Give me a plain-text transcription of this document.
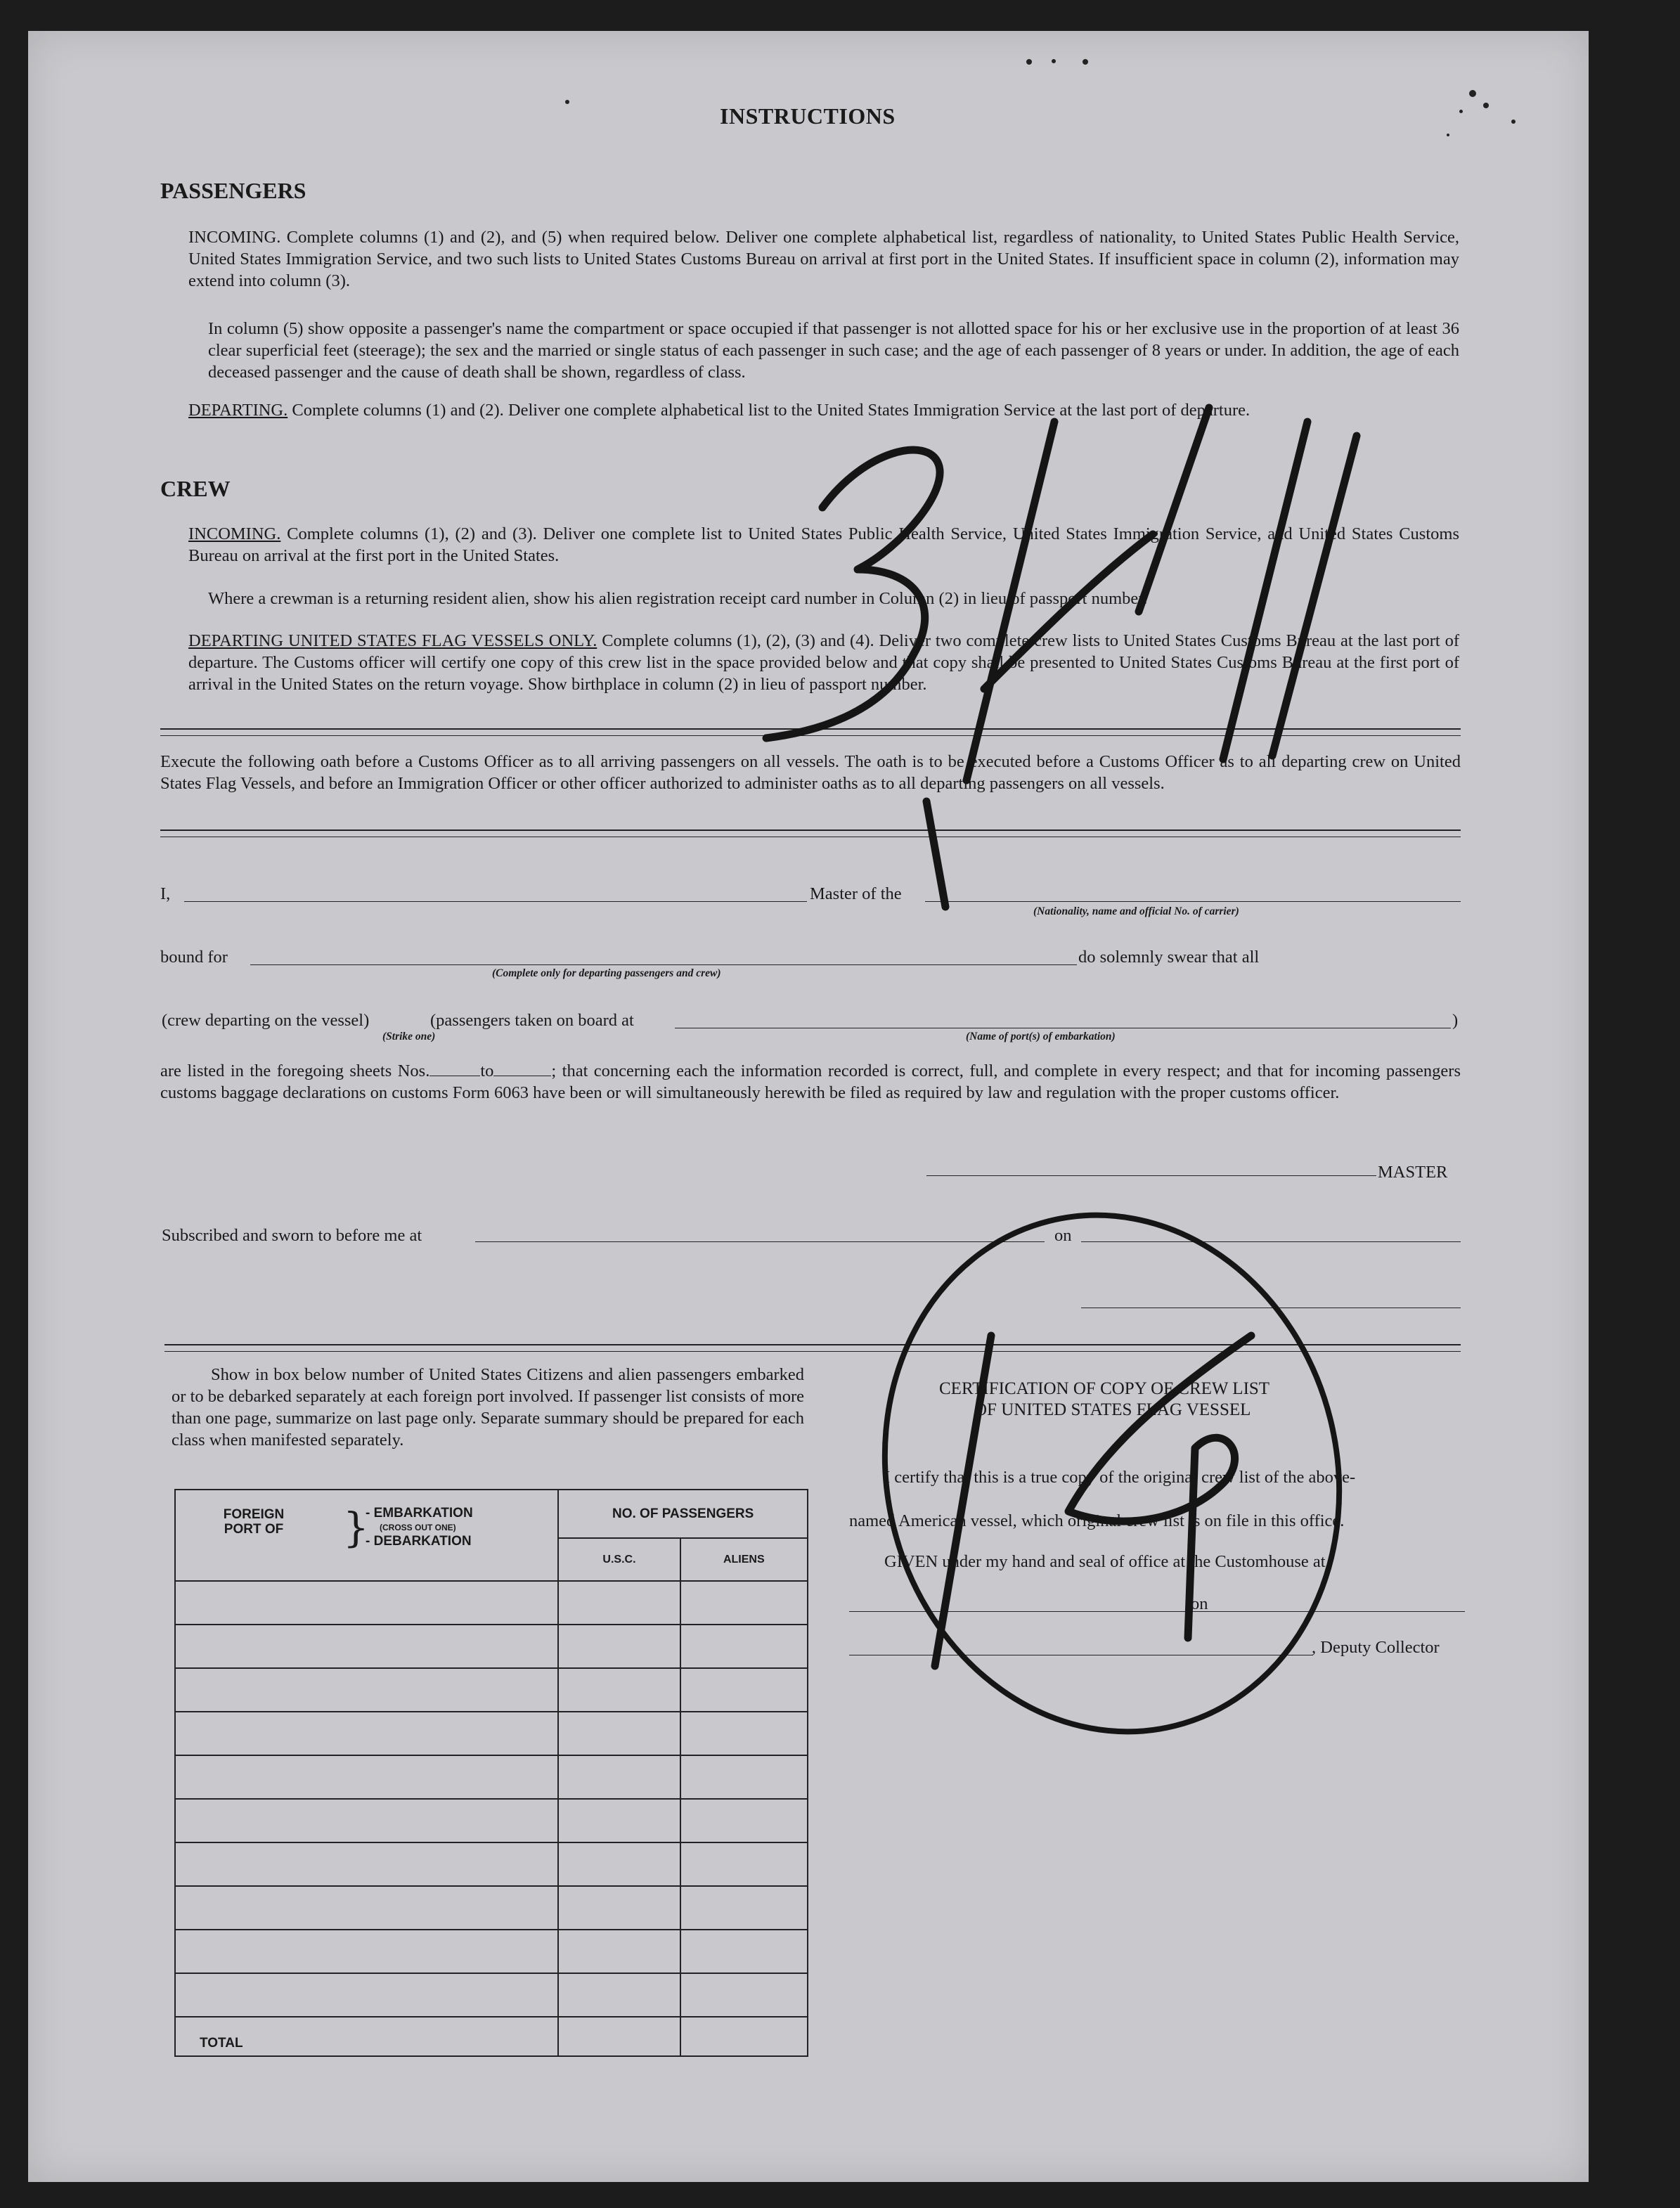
INSTRUCTIONS
PASSENGERS
INCOMING. Complete columns (1) and (2), and (5) when required below. Deliver one complete alphabetical list, regardless of nationality, to United States Public Health Service, United States Immigration Service, and two such lists to United States Customs Bureau on arrival at first port in the United States. If insufficient space in column (2), information may extend into column (3).
In column (5) show opposite a passenger's name the compartment or space occupied if that passenger is not allotted space for his or her exclusive use in the proportion of at least 36 clear superficial feet (steerage); the sex and the married or single status of each passenger in such case; and the age of each passenger of 8 years or under. In addition, the age of each deceased passenger and the cause of death shall be shown, regardless of class.
DEPARTING. Complete columns (1) and (2). Deliver one complete alphabetical list to the United States Immigration Service at the last port of departure.
CREW
INCOMING. Complete columns (1), (2) and (3). Deliver one complete list to United States Public Health Service, United States Immigration Service, and United States Customs Bureau on arrival at the first port in the United States.
Where a crewman is a returning resident alien, show his alien registration receipt card number in Column (2) in lieu of passport number.
DEPARTING UNITED STATES FLAG VESSELS ONLY. Complete columns (1), (2), (3) and (4). Deliver two complete crew lists to United States Customs Bureau at the last port of departure. The Customs officer will certify one copy of this crew list in the space provided below and that copy shall be presented to United States Customs Bureau at the first port of arrival in the United States on the return voyage. Show birthplace in column (2) in lieu of passport number.
Execute the following oath before a Customs Officer as to all arriving passengers on all vessels. The oath is to be executed before a Customs Officer as to all departing crew on United States Flag Vessels, and before an Immigration Officer or other officer authorized to administer oaths as to all departing passengers on all vessels.
I,	Master of the
(Nationality, name and official No. of carrier)
bound for	do solemnly swear that all
(Complete only for departing passengers and crew)
(crew departing on the vessel)	(passengers taken on board at	)
(Strike one)	(Name of port(s) of embarkation)
are listed in the foregoing sheets Nos.	to	; that concerning each the information recorded is correct, full, and complete in every respect; and that for incoming passengers customs baggage declarations on customs Form 6063 have been or will simultaneously herewith be filed as required by law and regulation with the proper customs officer.
MASTER
Subscribed and sworn to before me at	on
Show in box below number of United States Citizens and alien passengers embarked or to be debarked separately at each foreign port involved. If passenger list consists of more than one page, summarize on last page only. Separate summary should be prepared for each class when manifested separately.
FOREIGN PORT OF }
- EMBARKATION
(CROSS OUT ONE)
- DEBARKATION	NO. OF PASSENGERS	
	U.S.C.	ALIENS

TOTAL		
CERTIFICATION OF COPY OF CREW LIST
OF UNITED STATES FLAG VESSEL
I certify that this is a true copy of the original crew list of the above-
named American vessel, which original crew list is on file in this office.
GIVEN under my hand and seal of office at the Customhouse at
on
, Deputy Collector
